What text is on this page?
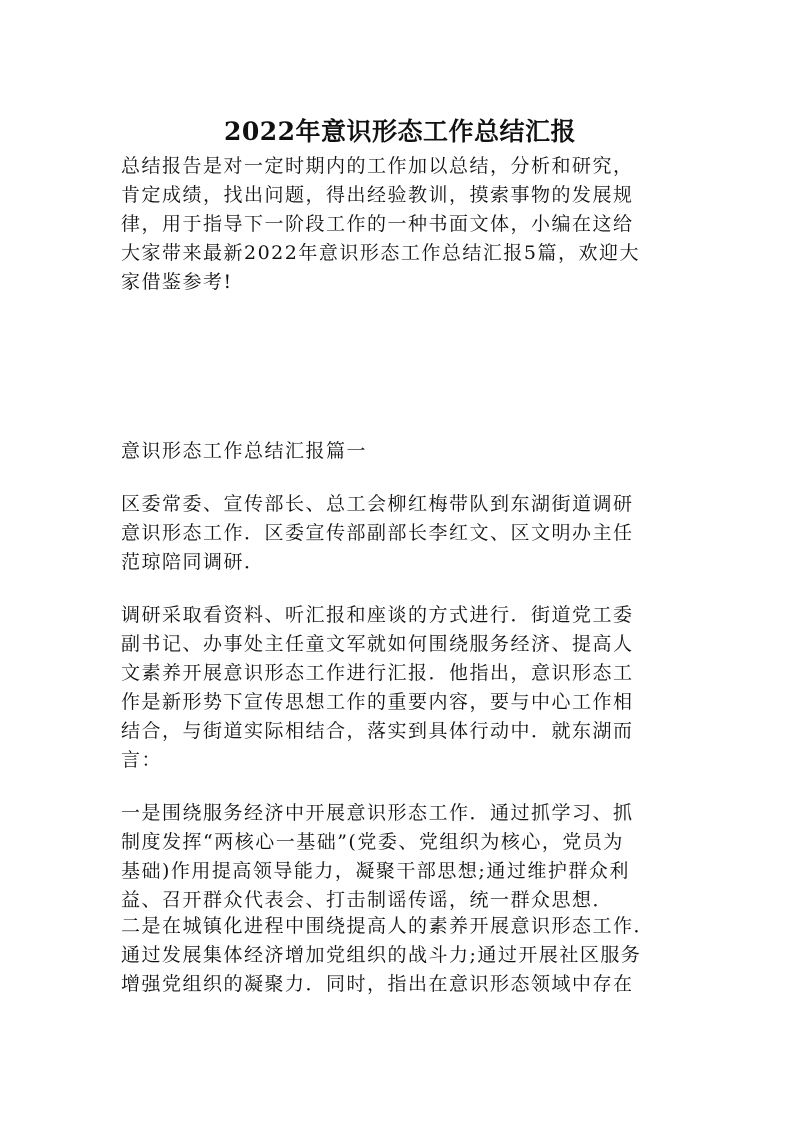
2022年意识形态工作总结汇报
总结报告是对一定时期内的工作加以总结，分析和研究，
肯定成绩，找出问题，得出经验教训，摸索事物的发展规
律，用于指导下一阶段工作的一种书面文体，小编在这给
大家带来最新2022年意识形态工作总结汇报5篇，欢迎大
家借鉴参考!
意识形态工作总结汇报篇一
区委常委、宣传部长、总工会柳红梅带队到东湖街道调研
意识形态工作．区委宣传部副部长李红文、区文明办主任
范琼陪同调研．
调研采取看资料、听汇报和座谈的方式进行．街道党工委
副书记、办事处主任童文军就如何围绕服务经济、提高人
文素养开展意识形态工作进行汇报．他指出，意识形态工
作是新形势下宣传思想工作的重要内容，要与中心工作相
结合，与街道实际相结合，落实到具体行动中．就东湖而
言：
一是围绕服务经济中开展意识形态工作．通过抓学习、抓
制度发挥“两核心一基础”(党委、党组织为核心，党员为
基础)作用提高领导能力，凝聚干部思想;通过维护群众利
益、召开群众代表会、打击制谣传谣，统一群众思想．
二是在城镇化进程中围绕提高人的素养开展意识形态工作．
通过发展集体经济增加党组织的战斗力;通过开展社区服务
增强党组织的凝聚力．同时，指出在意识形态领域中存在
